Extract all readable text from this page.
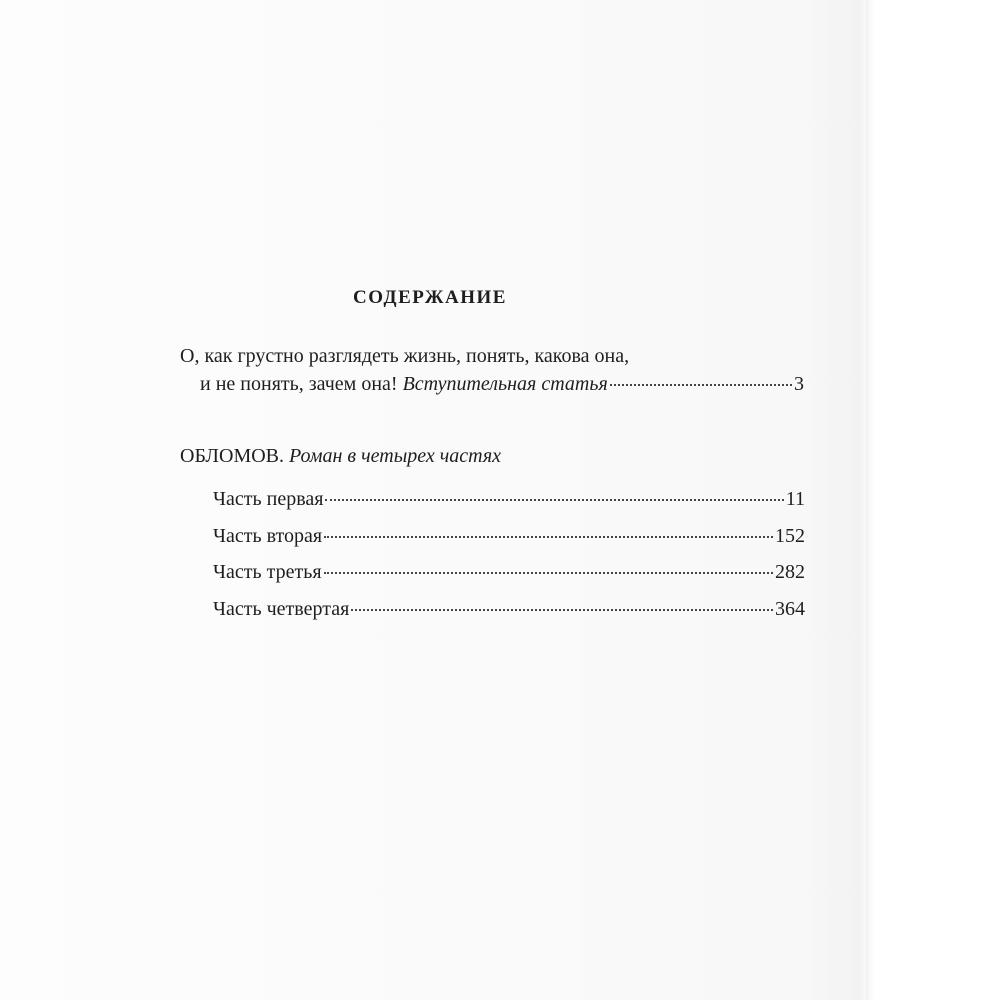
СОДЕРЖАНИЕ
О, как грустно разглядеть жизнь, понять, какова она,
и не понять, зачем она! Вступительная статья	3
ОБЛОМОВ. Роман в четырех частях
Часть первая	11
Часть вторая	152
Часть третья	282
Часть четвертая	364
